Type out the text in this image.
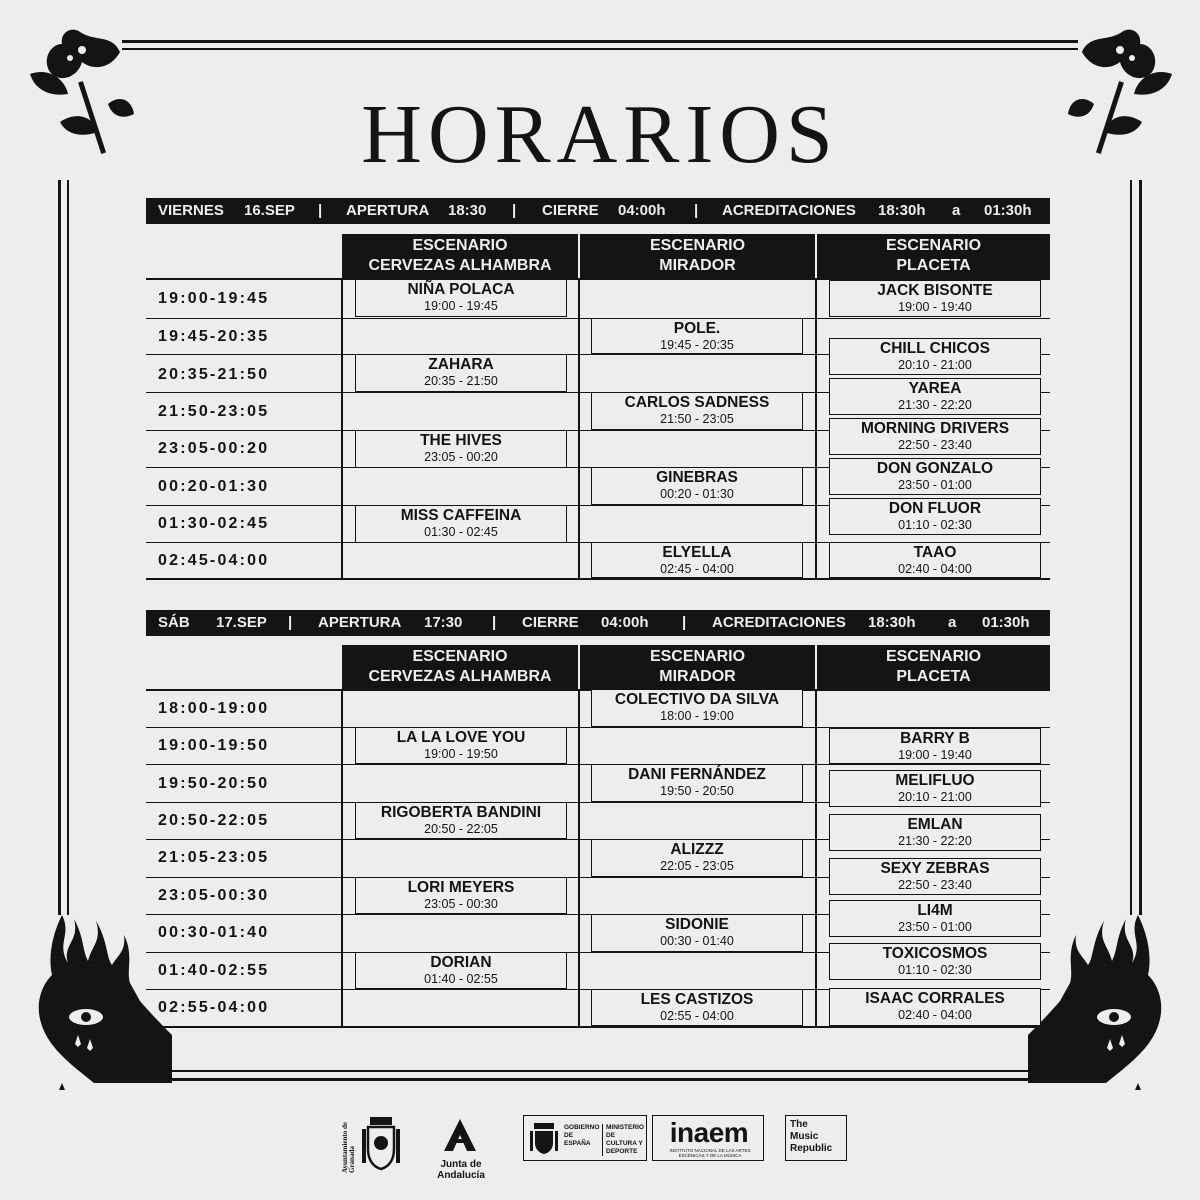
HORARIOS
VIERNES 16.SEP | APERTURA 18:30 | CIERRE 04:00h | ACREDITACIONES 18:30h a 01:30h
ESCENARIO
CERVEZAS ALHAMBRA
ESCENARIO
MIRADOR
ESCENARIO
PLACETA
19:00-19:45
19:45-20:35
20:35-21:50
21:50-23:05
23:05-00:20
00:20-01:30
01:30-02:45
02:45-04:00
NIÑA POLACA
19:00 - 19:45
ZAHARA
20:35 - 21:50
THE HIVES
23:05 - 00:20
MISS CAFFEINA
01:30 - 02:45
POLE.
19:45 - 20:35
CARLOS SADNESS
21:50 - 23:05
GINEBRAS
00:20 - 01:30
ELYELLA
02:45 - 04:00
JACK BISONTE
19:00 - 19:40
CHILL CHICOS
20:10 - 21:00
YAREA
21:30 - 22:20
MORNING DRIVERS
22:50 - 23:40
DON GONZALO
23:50 - 01:00
DON FLUOR
01:10 - 02:30
TAAO
02:40 - 04:00
SÁB 17.SEP | APERTURA 17:30 | CIERRE 04:00h | ACREDITACIONES 18:30h a 01:30h
ESCENARIO
CERVEZAS ALHAMBRA
ESCENARIO
MIRADOR
ESCENARIO
PLACETA
18:00-19:00
19:00-19:50
19:50-20:50
20:50-22:05
21:05-23:05
23:05-00:30
00:30-01:40
01:40-02:55
02:55-04:00
LA LA LOVE YOU
19:00 - 19:50
RIGOBERTA BANDINI
20:50 - 22:05
LORI MEYERS
23:05 - 00:30
DORIAN
01:40 - 02:55
COLECTIVO DA SILVA
18:00 - 19:00
DANI FERNÁNDEZ
19:50 - 20:50
ALIZZZ
22:05 - 23:05
SIDONIE
00:30 - 01:40
LES CASTIZOS
02:55 - 04:00
BARRY B
19:00 - 19:40
MELIFLUO
20:10 - 21:00
EMLAN
21:30 - 22:20
SEXY ZEBRAS
22:50 - 23:40
LI4M
23:50 - 01:00
TOXICOSMOS
01:10 - 02:30
ISAAC CORRALES
02:40 - 04:00
Ayuntamiento de Granada	Junta de Andalucía
GOBIERNO DE ESPAÑA
MINISTERIO DE CULTURA Y DEPORTE
inaem
INSTITUTO NACIONAL DE LAS ARTES ESCÉNICAS Y DE LA MÚSICA
The
Music
Republic
